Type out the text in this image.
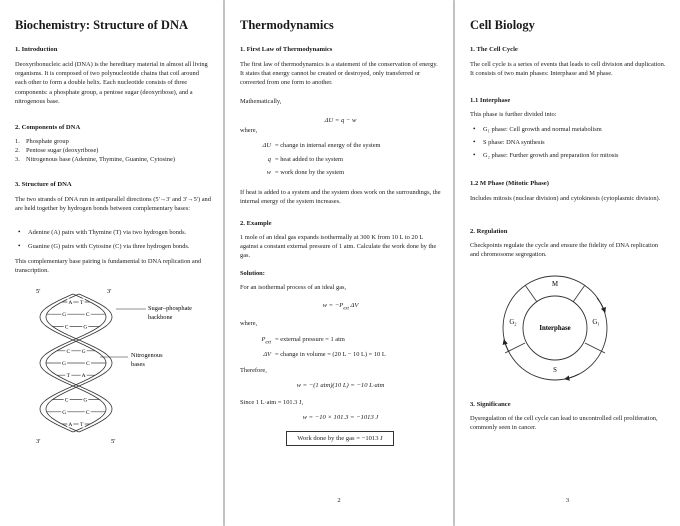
Biochemistry: Structure of DNA
1. Introduction

Deoxyribonucleic acid (DNA) is the hereditary material in almost all living organisms. It is composed of two polynucleotide chains that coil around each other to form a double helix. Each nucleotide consists of three components: a phosphate group, a pentose sugar (deoxyribose), and a nitrogenous base.

2. Components of DNA
1. Phosphate group
2. Pentose sugar (deoxyribose)
3. Nitrogenous base (Adenine, Thymine, Guanine, Cytosine)
3. Structure of DNA

The two strands of DNA run in antiparallel directions (5'→3' and 3'→5') and are held together by hydrogen bonds between complementary bases:

• Adenine (A) pairs with Thymine (T) via two hydrogen bonds.
• Guanine (G) pairs with Cytosine (C) via three hydrogen bonds.

This complementary base pairing is fundamental to DNA replication and transcription.

A T
G	C
C	G
C G
G	C
T A
C	G
G	C
A T
5'	3'
3'	5'
Sugar–phosphate
backbone
Nitrogenous
bases
Thermodynamics
1. First Law of Thermodynamics

The first law of thermodynamics is a statement of the conservation of energy. It states that energy cannot be created or destroyed, only transferred or converted from one form to another.

Mathematically,

ΔU = q − w

where,

ΔU = change in internal energy of the system
q = heat added to the system
w = work done by the system

If heat is added to a system and the system does work on the surroundings, the internal energy of the system increases.

2. Example

1 mole of an ideal gas expands isothermally at 300 K from 10 L to 20 L against a constant external pressure of 1 atm. Calculate the work done by the gas.

Solution:

For an isothermal process of an ideal gas,

$w = -P_{ext}$ ΔV

where,

$P_{ext}$ = external pressure = 1 atm
ΔV = change in volume = (20 L − 10 L) = 10 L

Therefore,

w = −(1 atm)(10 L) = −10 L·atm

Since 1 L·atm = 101.3 J,

w = −10 × 101.3 = −1013 J
Work done by the gas = −1013 J
2
Cell Biology
1. The Cell Cycle

The cell cycle is a series of events that leads to cell division and duplication. It consists of two main phases: Interphase and M phase.

1.1 Interphase

This phase is further divided into:

• G₁ phase: Cell growth and normal metabolism
• S phase: DNA synthesis
• G₂ phase: Further growth and preparation for mitosis
1.2 M Phase (Mitotic Phase)

Includes mitosis (nuclear division) and cytokinesis (cytoplasmic division).

2. Regulation

Checkpoints regulate the cycle and ensure the fidelity of DNA replication and chromosome segregation.

3. Significance

Dysregulation of the cell cycle can lead to uncontrolled cell proliferation, commonly seen in cancer.

M
G₂	G₁
S
Interphase
3
